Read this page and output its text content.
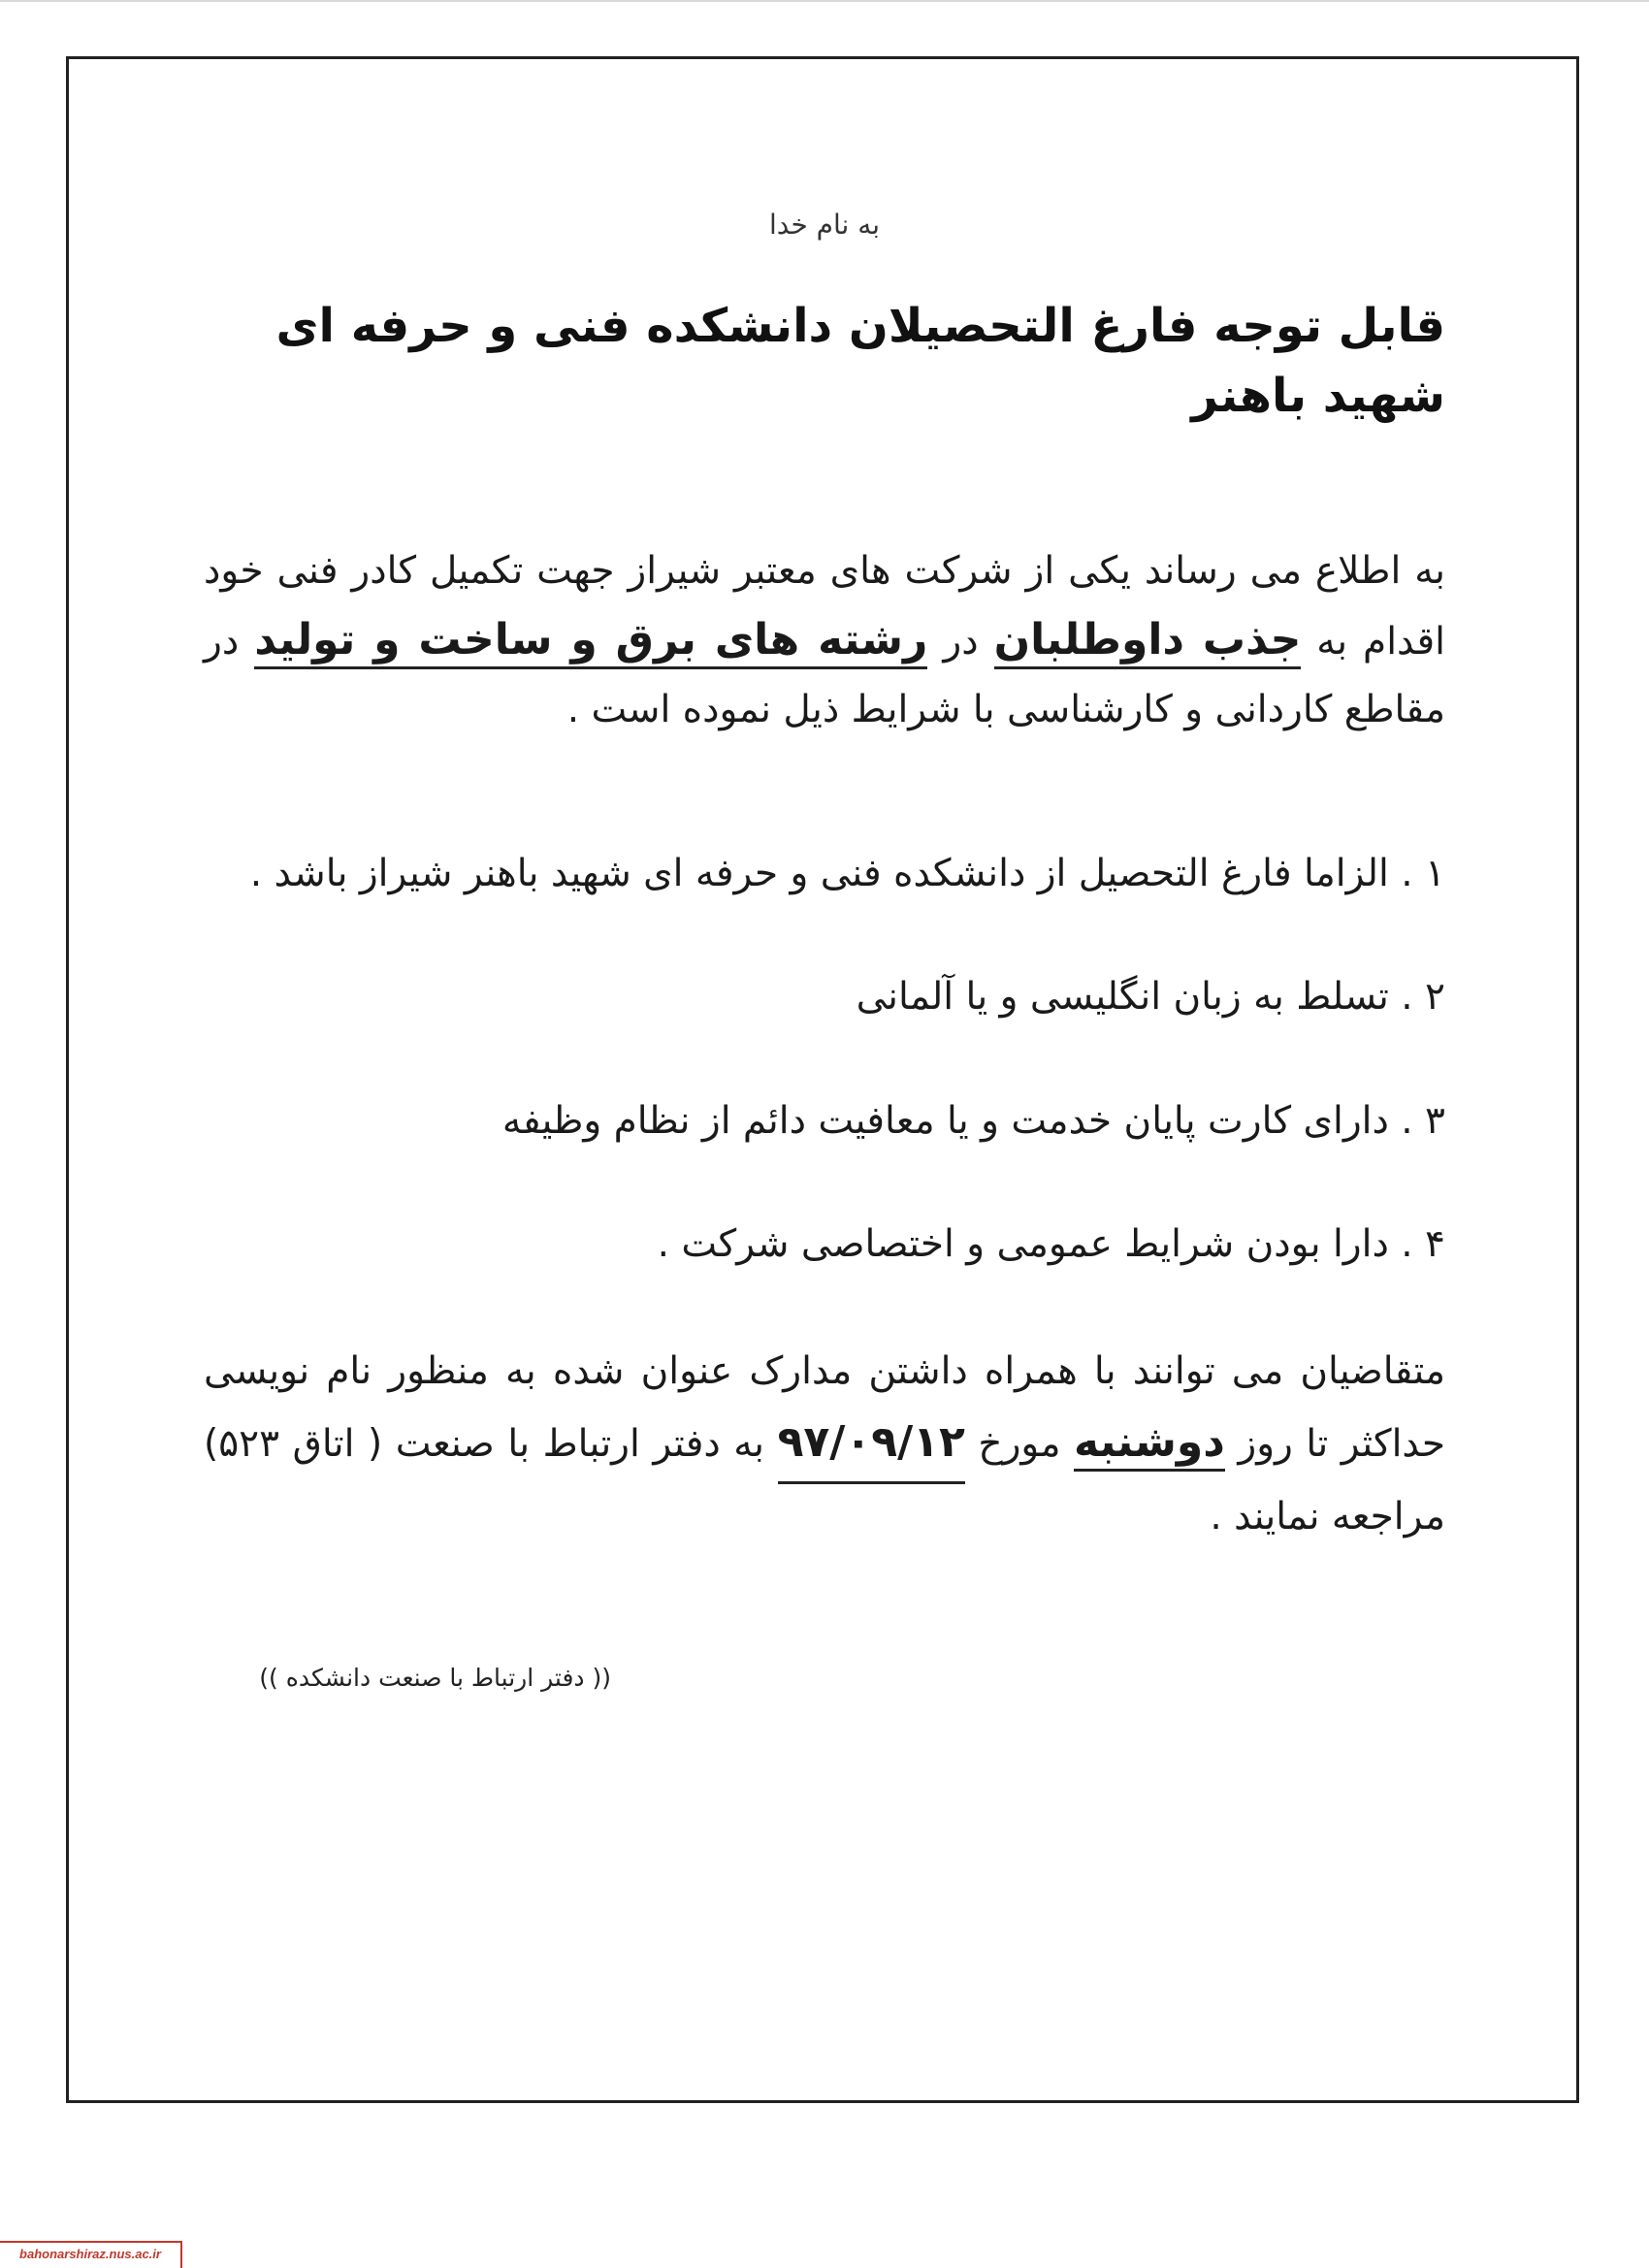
به نام خدا
قابل توجه فارغ التحصیلان دانشکده فنی و حرفه ای شهید باهنر

به اطلاع می رساند یکی از شرکت های معتبر شیراز جهت تکمیل کادر فنی خود اقدام به جذب داوطلبان در رشته های برق و ساخت و تولید در مقاطع کاردانی و کارشناسی با شرایط ذیل نموده است .

۱ . الزاما فارغ التحصیل از دانشکده فنی و حرفه ای شهید باهنر شیراز باشد .
۲ . تسلط به زبان انگلیسی و یا آلمانی
۳ . دارای کارت پایان خدمت و یا معافیت دائم از نظام وظیفه
۴ . دارا بودن شرایط عمومی و اختصاصی شرکت .

متقاضیان می توانند با همراه داشتن مدارک عنوان شده به منظور نام نویسی حداکثر تا روز دوشنبه مورخ ۹۷/۰۹/۱۲ به دفتر ارتباط با صنعت ( اتاق ۵۲۳) مراجعه نمایند .

(( دفتر ارتباط با صنعت دانشکده ))
bahonarshiraz.nus.ac.ir
